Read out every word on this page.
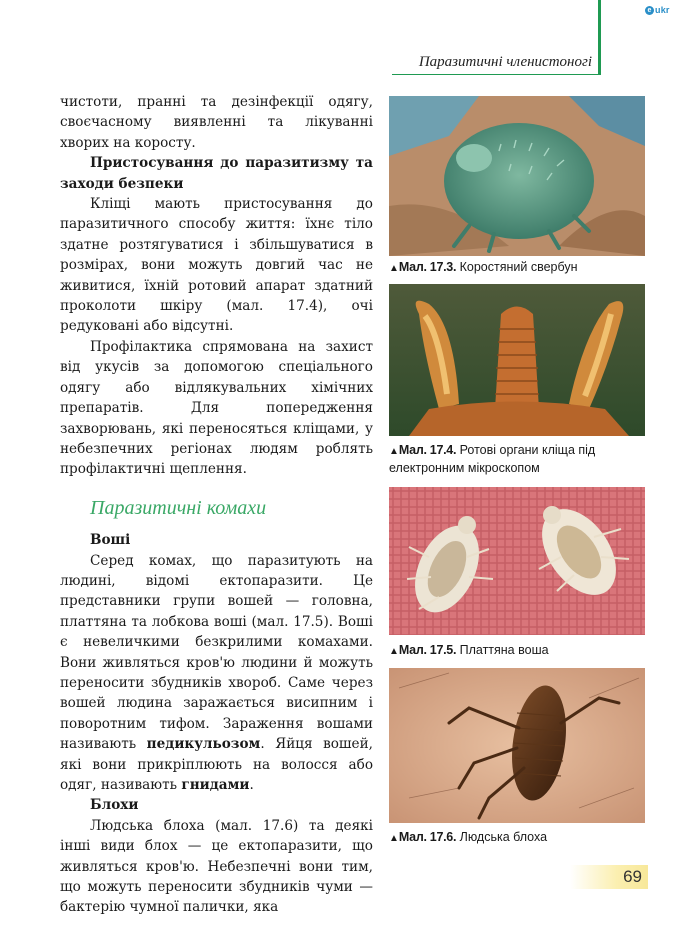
e ukr
Паразитичні членистоногі

чистоти, пранні та дезінфекції одягу, своєчасному виявленні та лікуванні хворих на коросту.

Пристосування до паразитизму та заходи безпеки

Кліщі мають пристосування до паразитичного способу життя: їхнє тіло здатне розтягуватися і збільшуватися в розмірах, вони можуть довгий час не живитися, їхній ротовий апарат здатний проколоти шкіру (мал. 17.4), очі редуковані або відсутні.

Профілактика спрямована на захист від укусів за допомогою спеціального одягу або відлякувальних хімічних препаратів. Для попередження захворювань, які переносяться кліщами, у небезпечних регіонах людям роблять профілактичні щеплення.

Паразитичні комахи

Воші

Серед комах, що паразитують на людині, відомі ектопаразити. Це представники групи вошей — головна, платтяна та лобкова воші (мал. 17.5). Воші є невеличкими безкрилими комахами. Вони живляться кров'ю людини й можуть переносити збудників хвороб. Саме через вошей людина заражається висипним і поворотним тифом. Зараження вошами називають педикульозом. Яйця вошей, які вони прикріплюють на волосся або одяг, називають гнидами.

Блохи

Людська блоха (мал. 17.6) та деякі інші види блох — це ектопаразити, що живляться кров'ю. Небезпечні вони тим, що можуть переносити збудників чуми — бактерію чумної палички, яка

▲Мал. 17.3. Коростяний свербун
▲Мал. 17.4. Ротові органи кліща під електронним мікроскопом
▲Мал. 17.5. Платтяна воша
▲Мал. 17.6. Людська блоха
69
